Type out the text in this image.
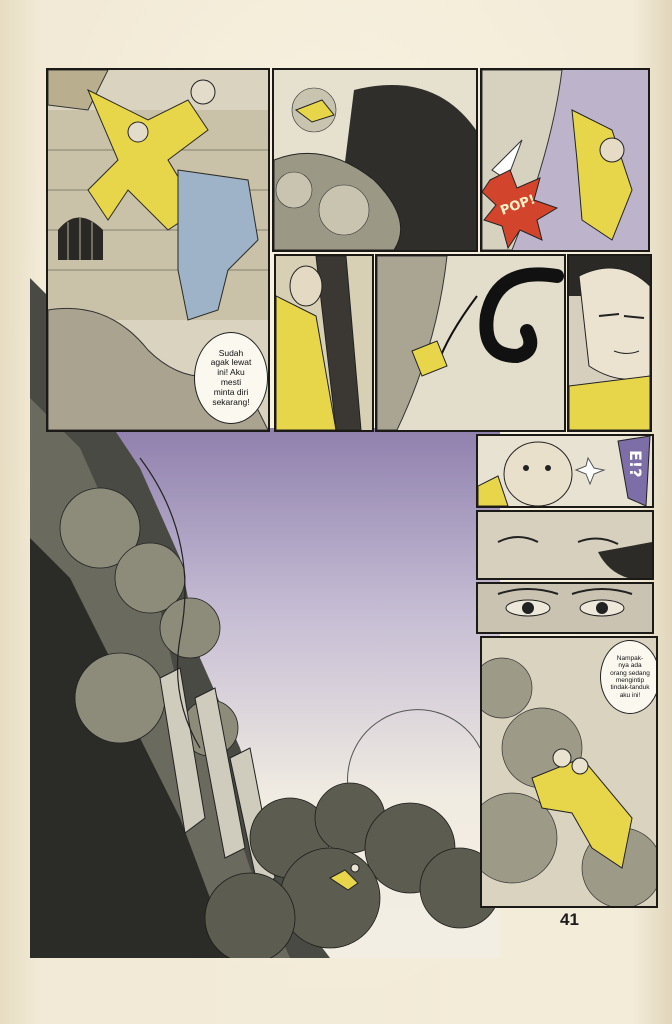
Sudah
agak lewat
ini! Aku
mesti
minta diri
sekarang!
POP!
E!?
Nampak-
nya ada
orang sedang
mengintip
tindak-tanduk
aku ini!
41
